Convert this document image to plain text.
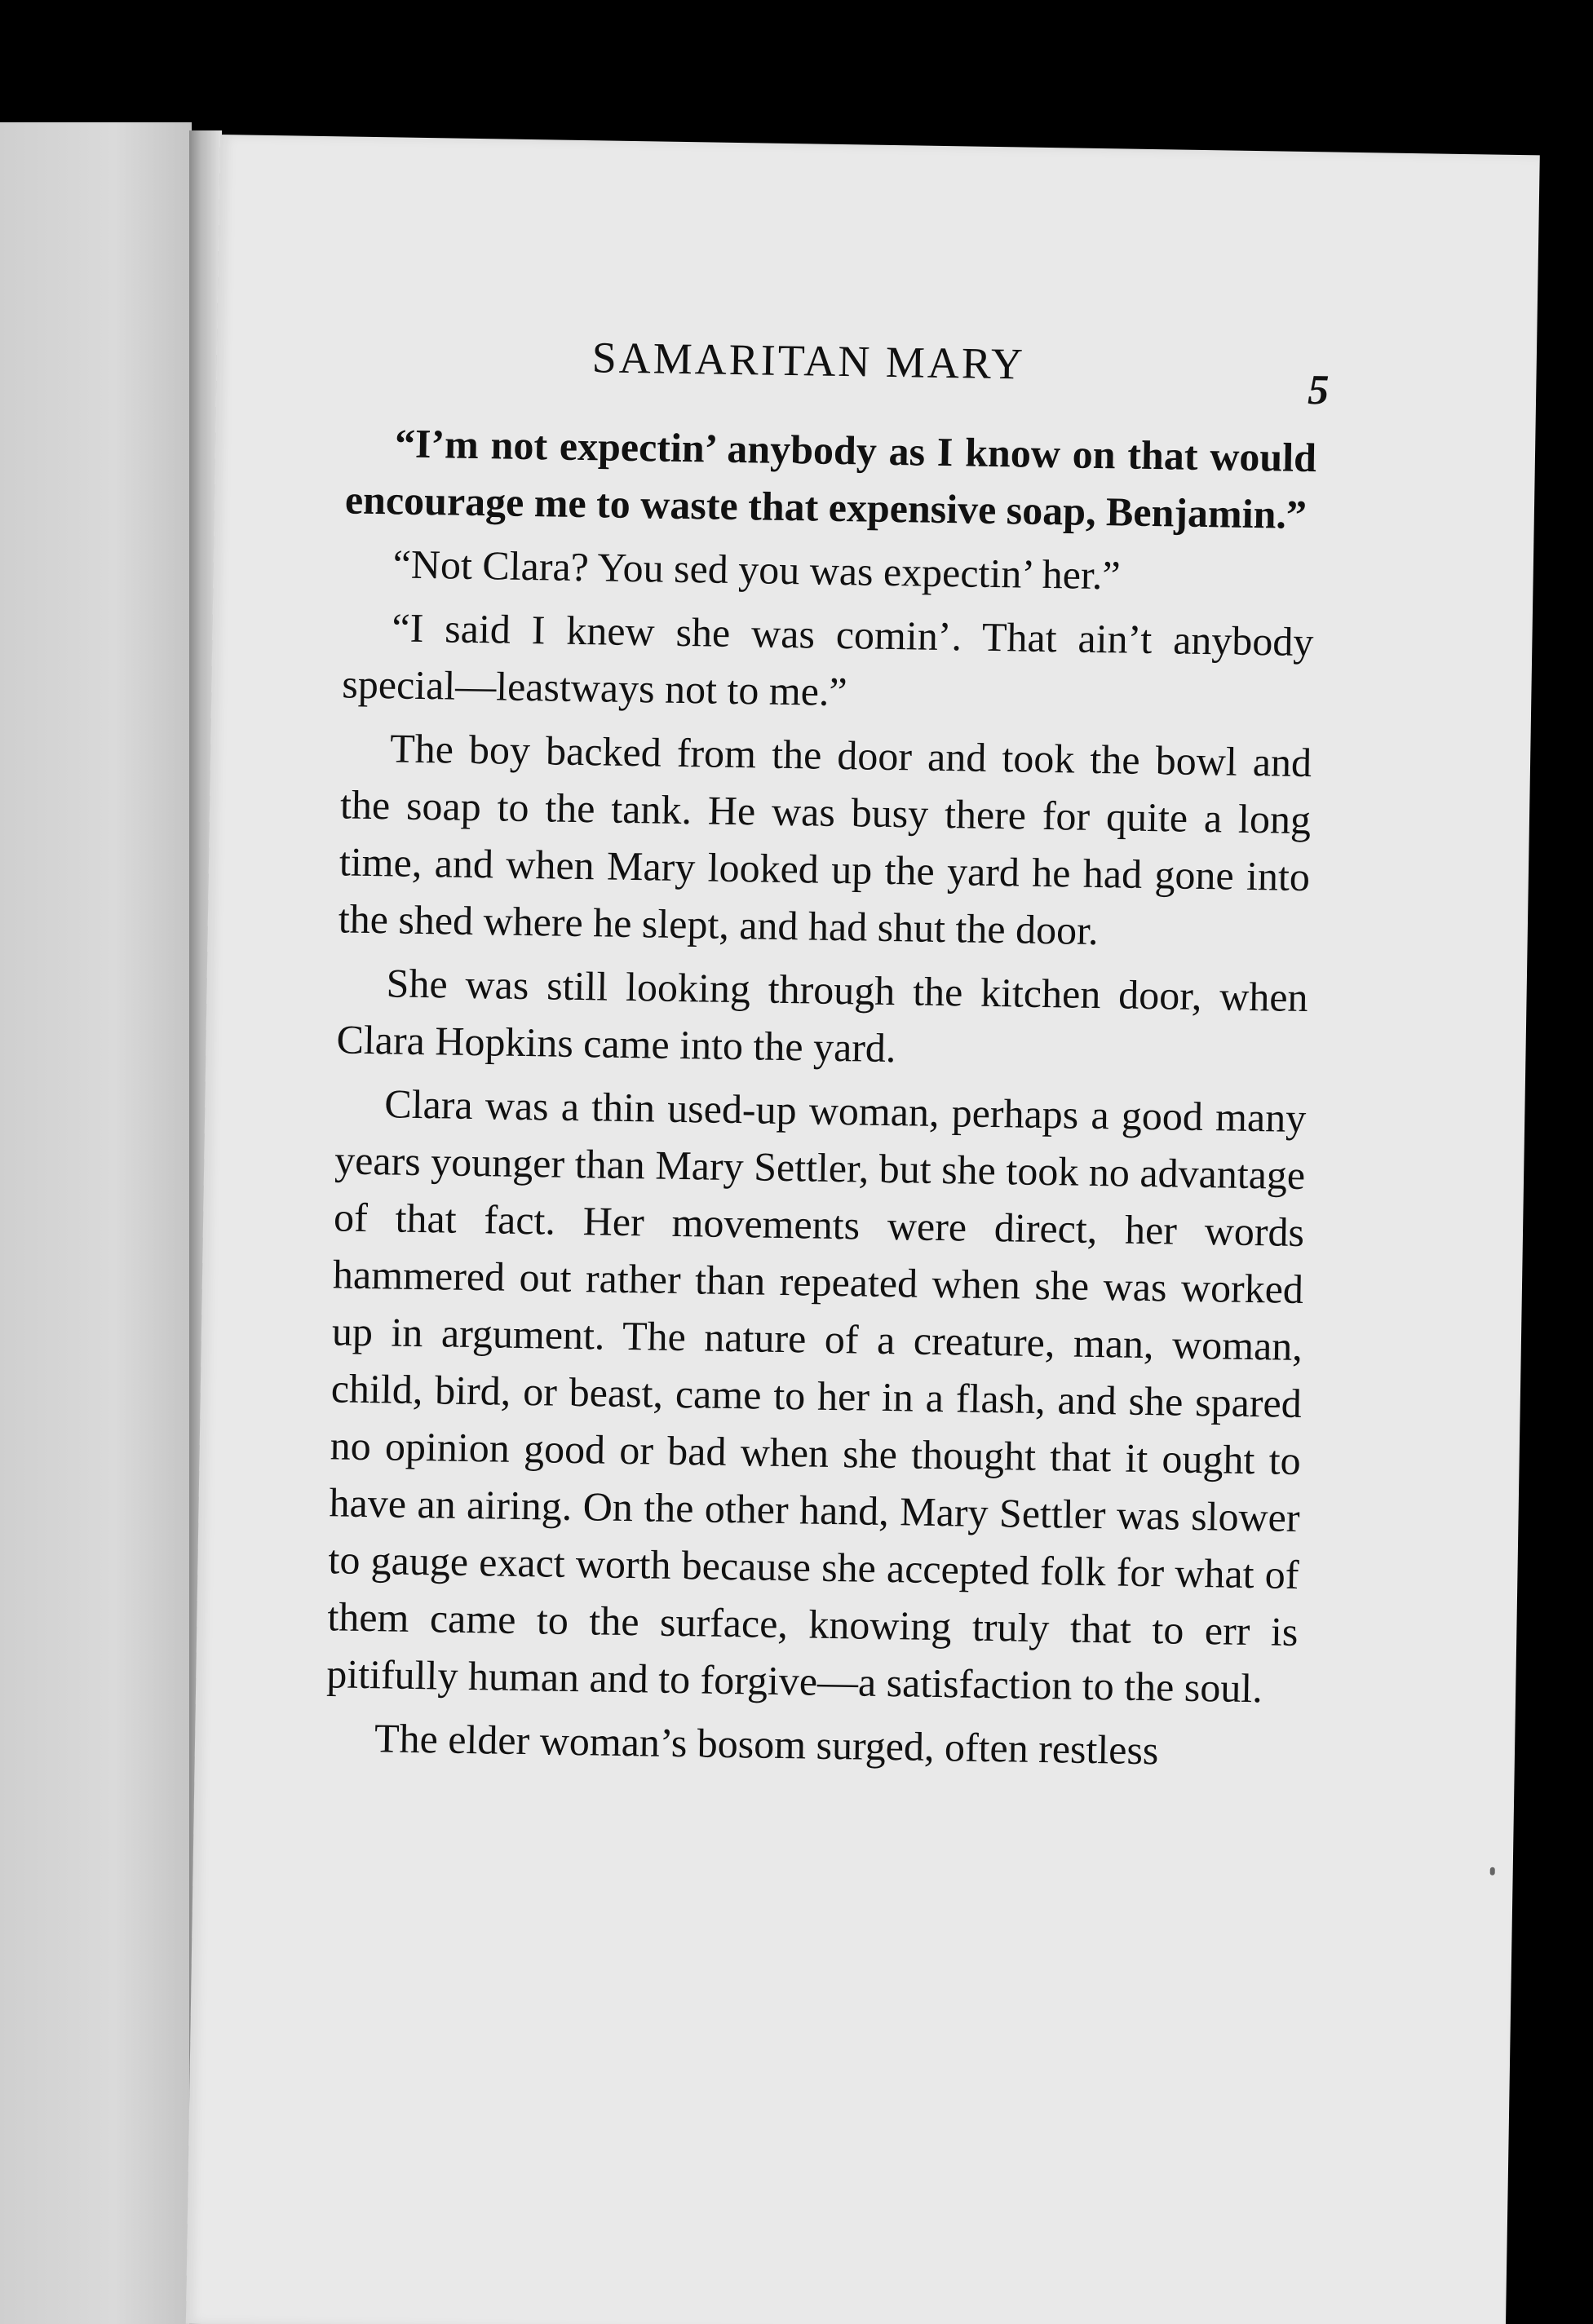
SAMARITAN MARY
5

“I’m not expectin’ anybody as I know on that would encourage me to waste that expensive soap, Benjamin.”

“Not Clara? You sed you was expectin’ her.”

“I said I knew she was comin’. That ain’t anybody special—leastways not to me.”

The boy backed from the door and took the bowl and the soap to the tank. He was busy there for quite a long time, and when Mary looked up the yard he had gone into the shed where he slept, and had shut the door.

She was still looking through the kitchen door, when Clara Hopkins came into the yard.

Clara was a thin used-up woman, perhaps a good many years younger than Mary Settler, but she took no advantage of that fact. Her movements were direct, her words hammered out rather than repeated when she was worked up in argument. The nature of a creature, man, woman, child, bird, or beast, came to her in a flash, and she spared no opinion good or bad when she thought that it ought to have an airing. On the other hand, Mary Settler was slower to gauge exact worth because she accepted folk for what of them came to the surface, knowing truly that to err is pitifully human and to forgive—a satisfaction to the soul.

The elder woman’s bosom surged, often restless
